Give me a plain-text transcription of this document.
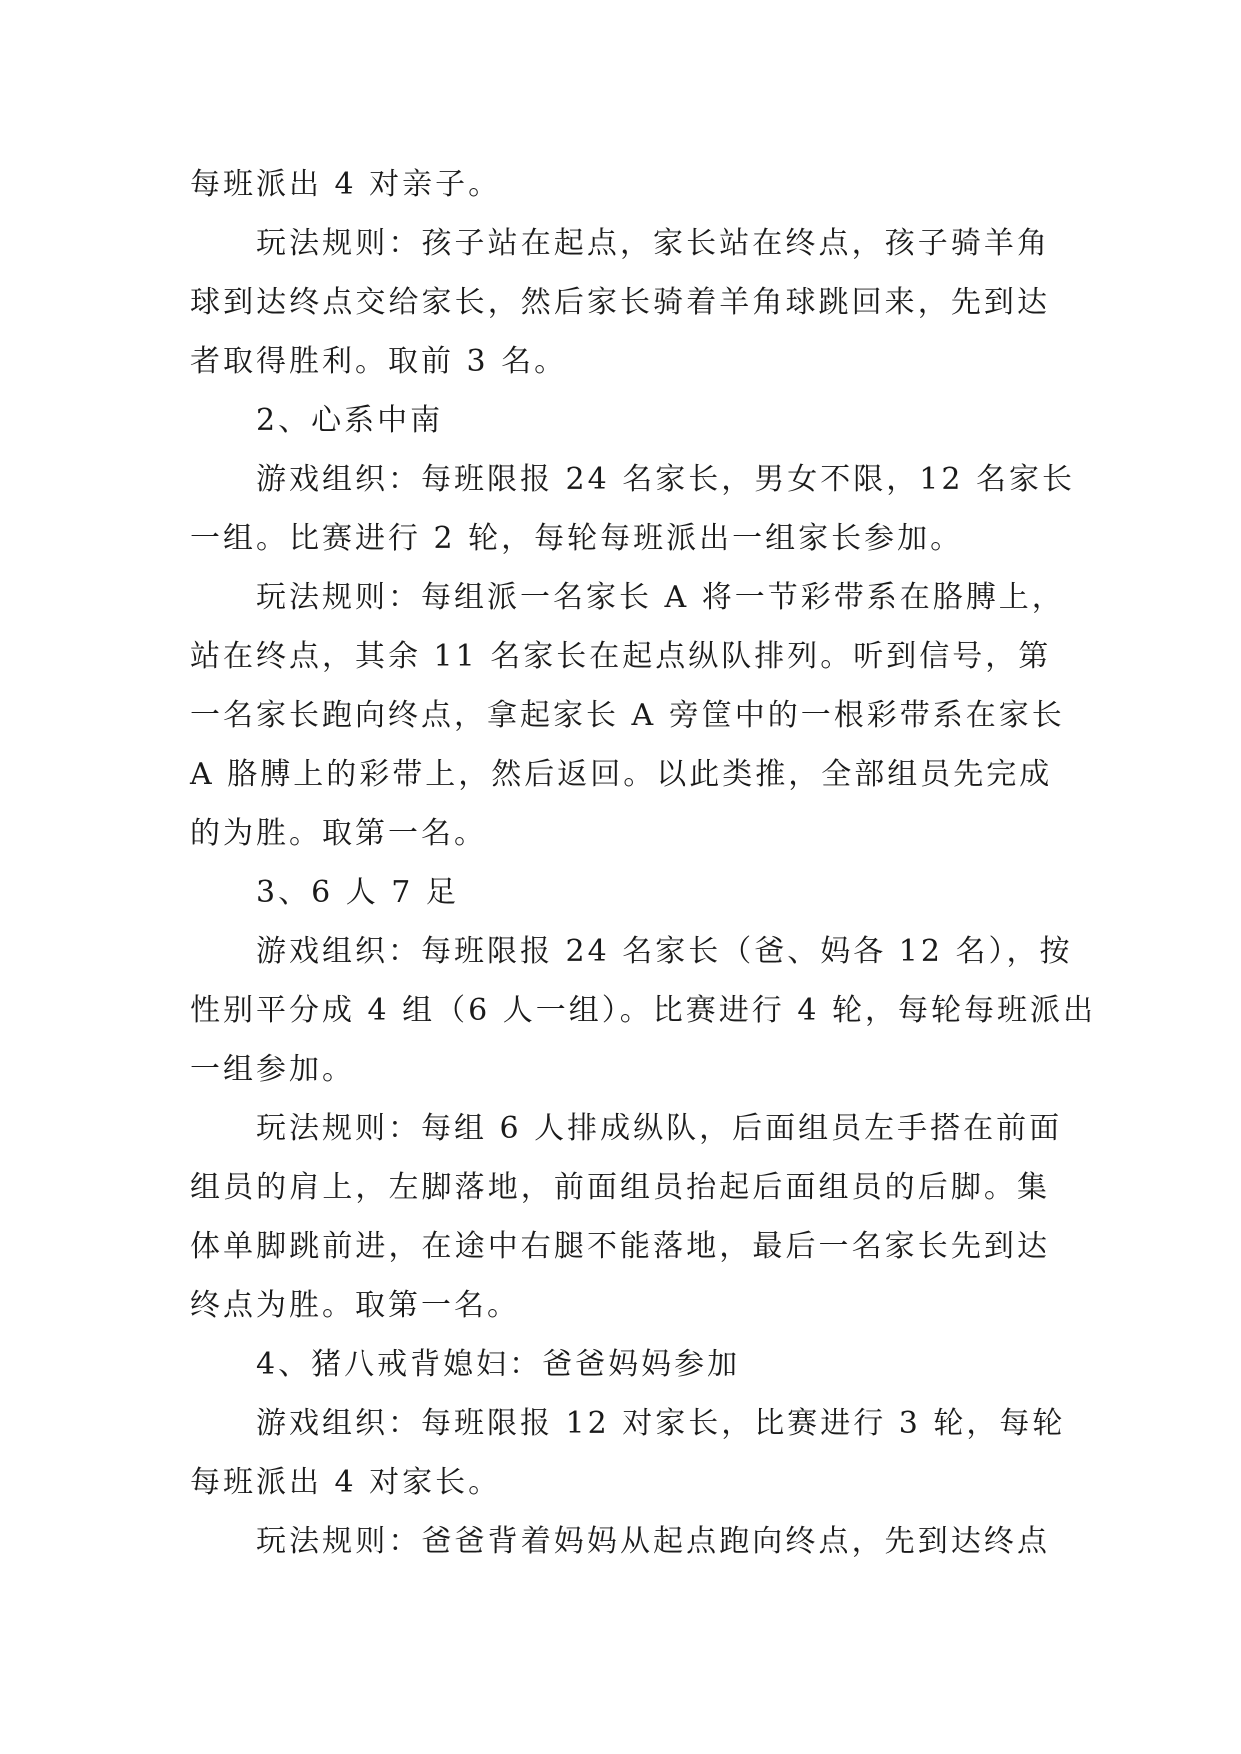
每班派出 4 对亲子。
玩法规则：孩子站在起点，家长站在终点，孩子骑羊角
球到达终点交给家长，然后家长骑着羊角球跳回来，先到达
者取得胜利。取前 3 名。
2、心系中南
游戏组织：每班限报 24 名家长，男女不限，12 名家长
一组。比赛进行 2 轮，每轮每班派出一组家长参加。
玩法规则：每组派一名家长 A 将一节彩带系在胳膊上，
站在终点，其余 11 名家长在起点纵队排列。听到信号，第
一名家长跑向终点，拿起家长 A 旁筐中的一根彩带系在家长
A 胳膊上的彩带上，然后返回。以此类推，全部组员先完成
的为胜。取第一名。
3、6 人 7 足
游戏组织：每班限报 24 名家长（爸、妈各 12 名），按
性别平分成 4 组（6 人一组）。比赛进行 4 轮，每轮每班派出
一组参加。
玩法规则：每组 6 人排成纵队，后面组员左手搭在前面
组员的肩上，左脚落地，前面组员抬起后面组员的后脚。集
体单脚跳前进，在途中右腿不能落地，最后一名家长先到达
终点为胜。取第一名。
4、猪八戒背媳妇：爸爸妈妈参加
游戏组织：每班限报 12 对家长，比赛进行 3 轮，每轮
每班派出 4 对家长。
玩法规则：爸爸背着妈妈从起点跑向终点，先到达终点
